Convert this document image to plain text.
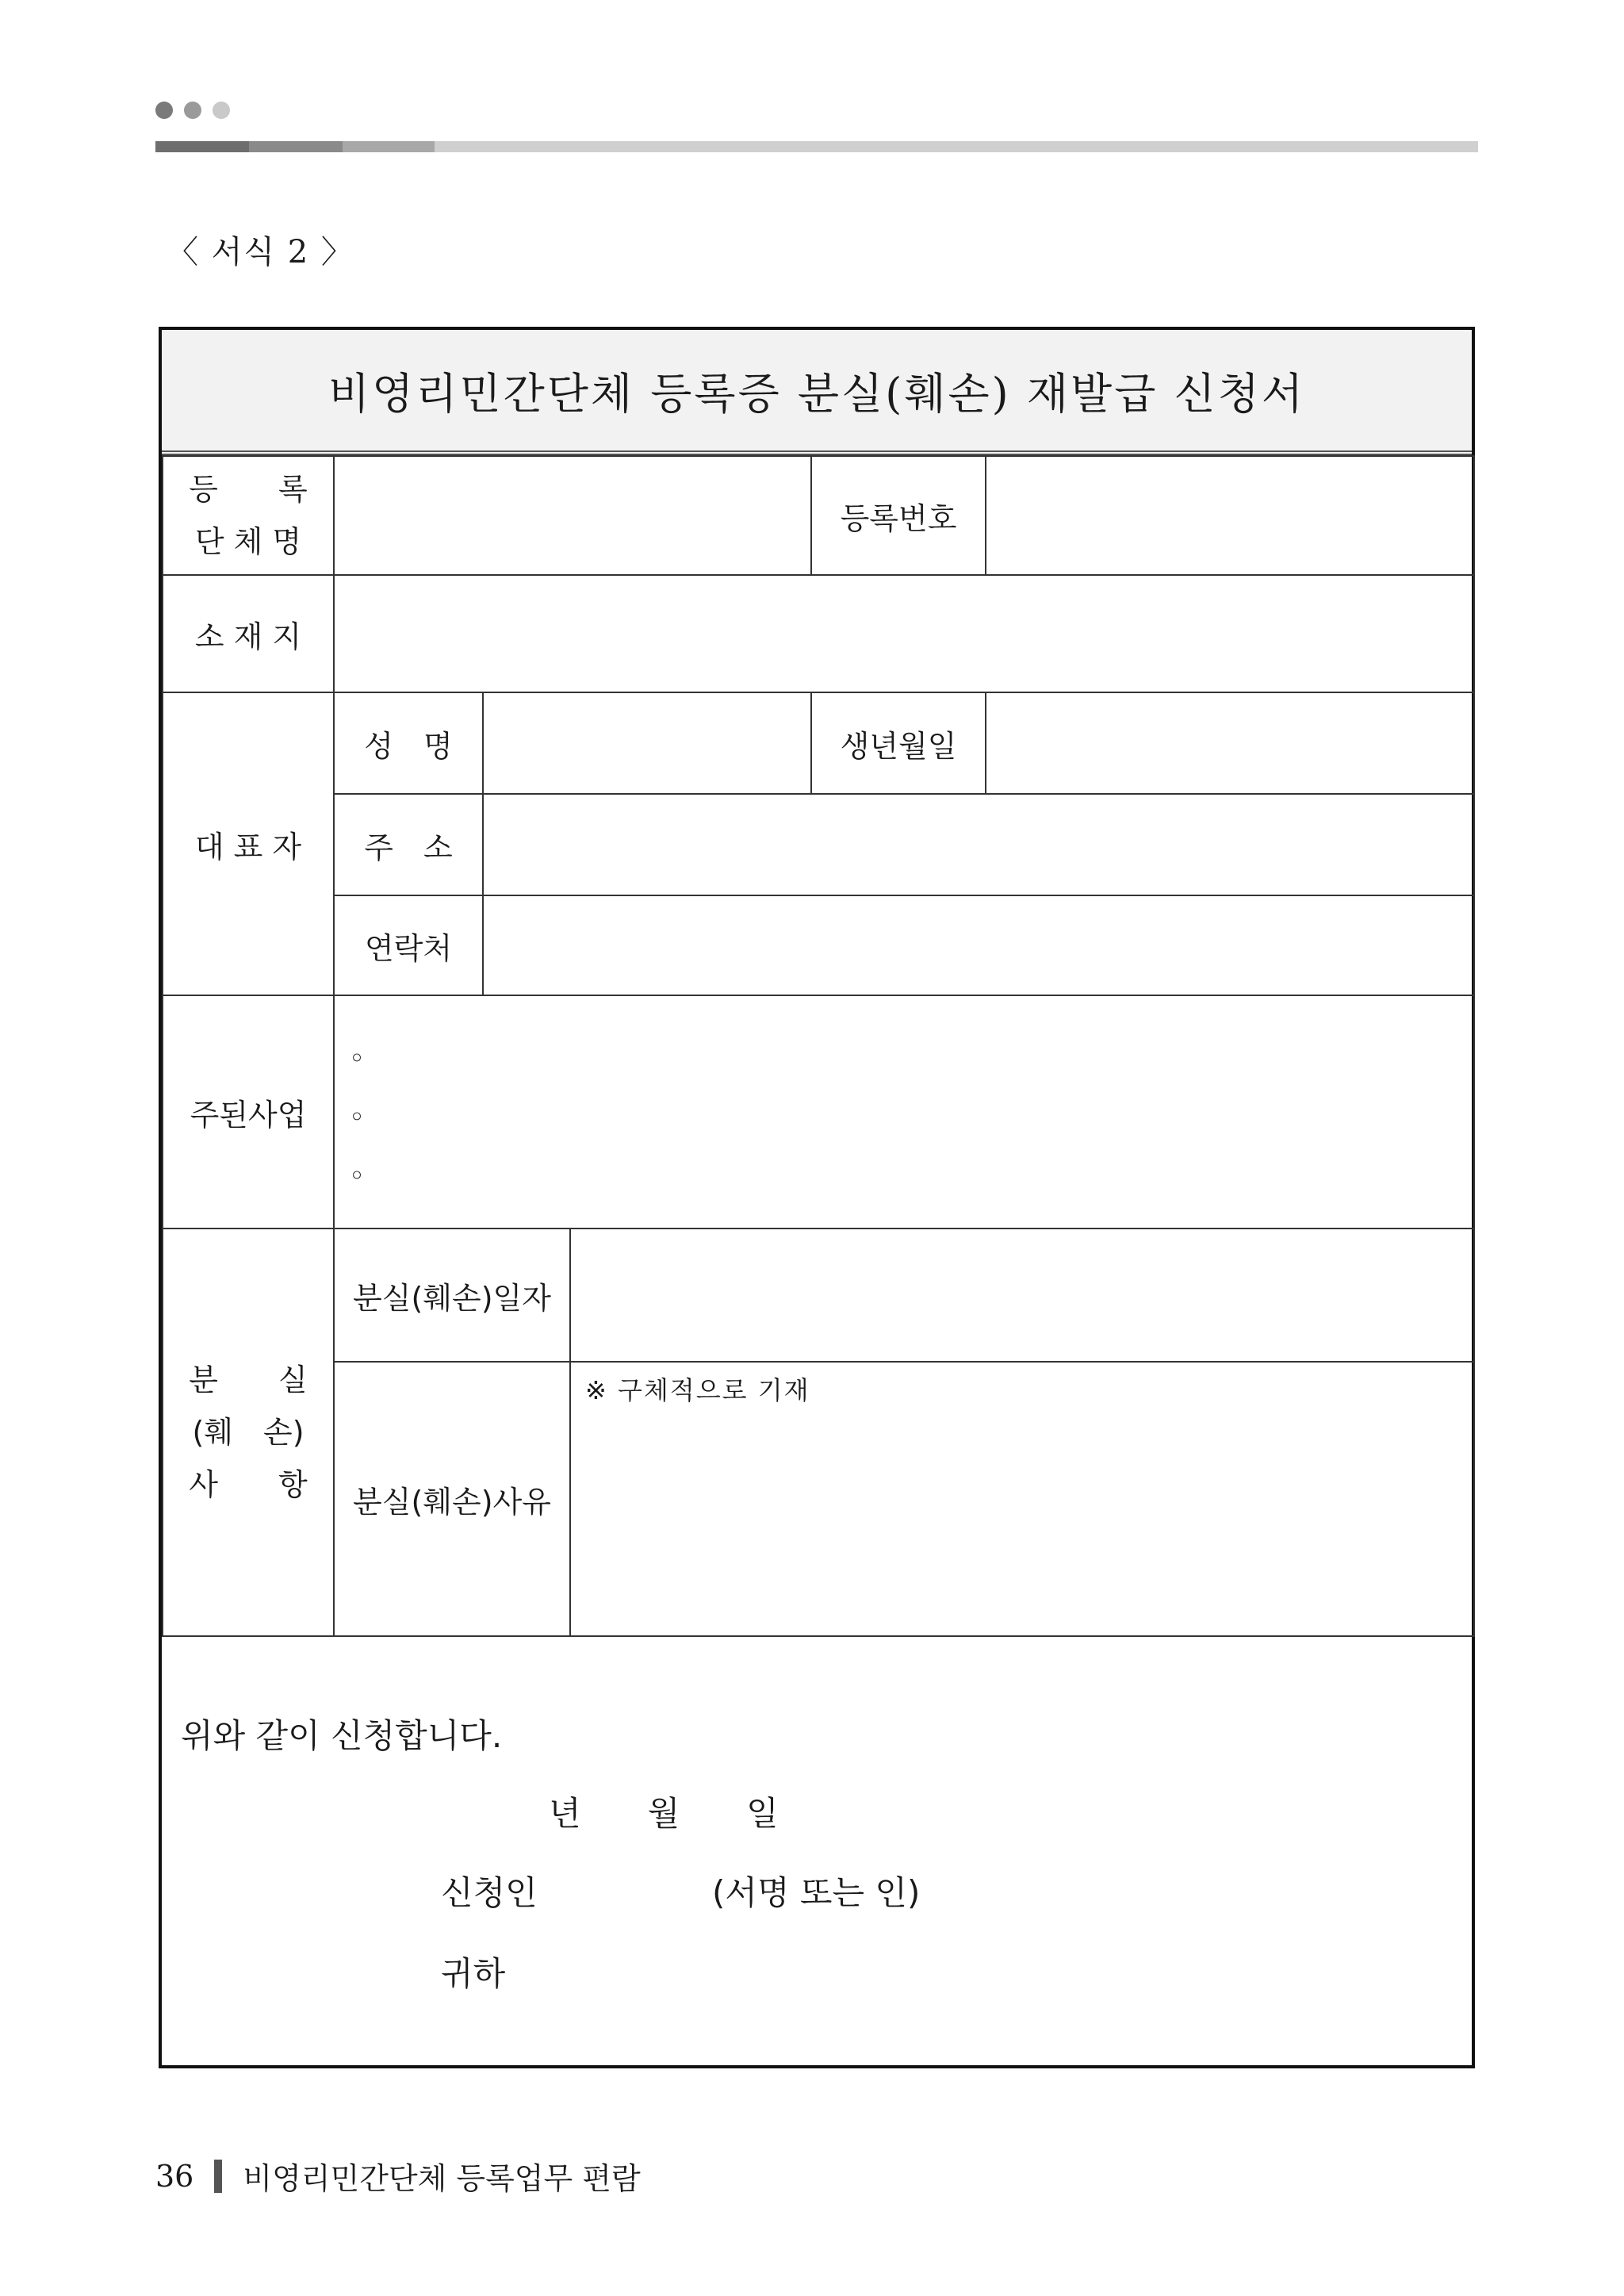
〈 서식 2 〉
비영리민간단체 등록증 분실(훼손) 재발급 신청서
등　　록
단 체 명
등록번호
소 재 지
대 표 자
성　명	생년월일
주　소
연락처
주된사업
분　　실
(훼　손)
사　　항
분실(훼손)일자
분실(훼손)사유
위와 같이 신청합니다.
년　　월　　일
신청인	(서명 또는 인)
귀하
◦
◦
◦
※ 구체적으로 기재
36 비영리민간단체 등록업무 편람
